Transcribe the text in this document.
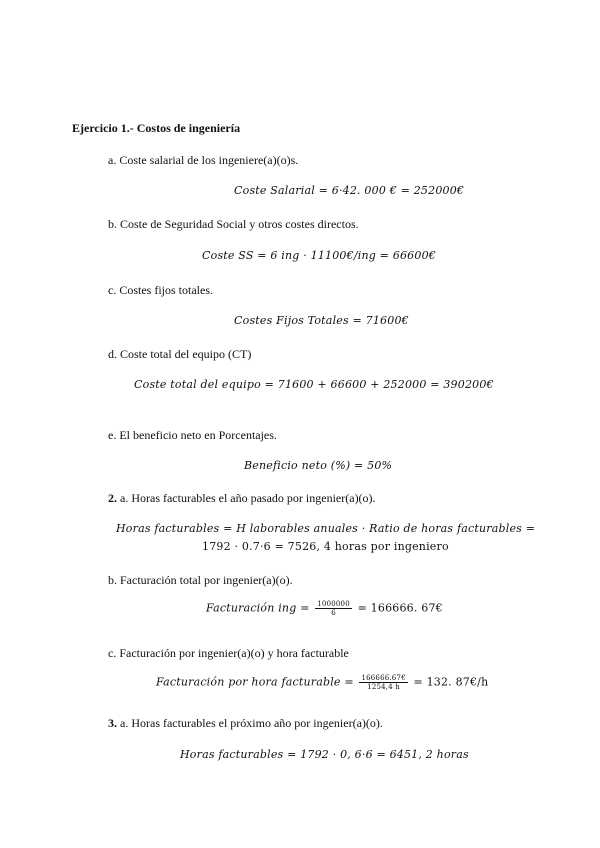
Ejercicio 1.- Costos de ingeniería
a. Coste salarial de los ingeniere(a)(o)s.
Coste Salarial = 6·42. 000 € = 252000€
b. Coste de Seguridad Social y otros costes directos.
Coste SS = 6 ing · 11100€/ing = 66600€
c. Costes fijos totales.
Costes Fijos Totales = 71600€
d. Coste total del equipo (CT)
Coste total del equipo = 71600 + 66600 + 252000 = 390200€
e. El beneficio neto en Porcentajes.
Beneficio neto (%) = 50%
2. a. Horas facturables el año pasado por ingenier(a)(o).
Horas facturables = H laborables anuales · Ratio de horas facturables =
1792 · 0.7·6 = 7526, 4 horas por ingeniero
b. Facturación total por ingenier(a)(o).
Facturación ing = $\frac{1000000}{6} = 166666$. 67€
c. Facturación por ingenier(a)(o) y hora facturable
Facturación por hora facturable = $\frac{166666.67€}{1254,4 h} = 132$. 87€/h
3. a. Horas facturables el próximo año por ingenier(a)(o).
Horas facturables = 1792 · 0, 6·6 = 6451, 2 horas
